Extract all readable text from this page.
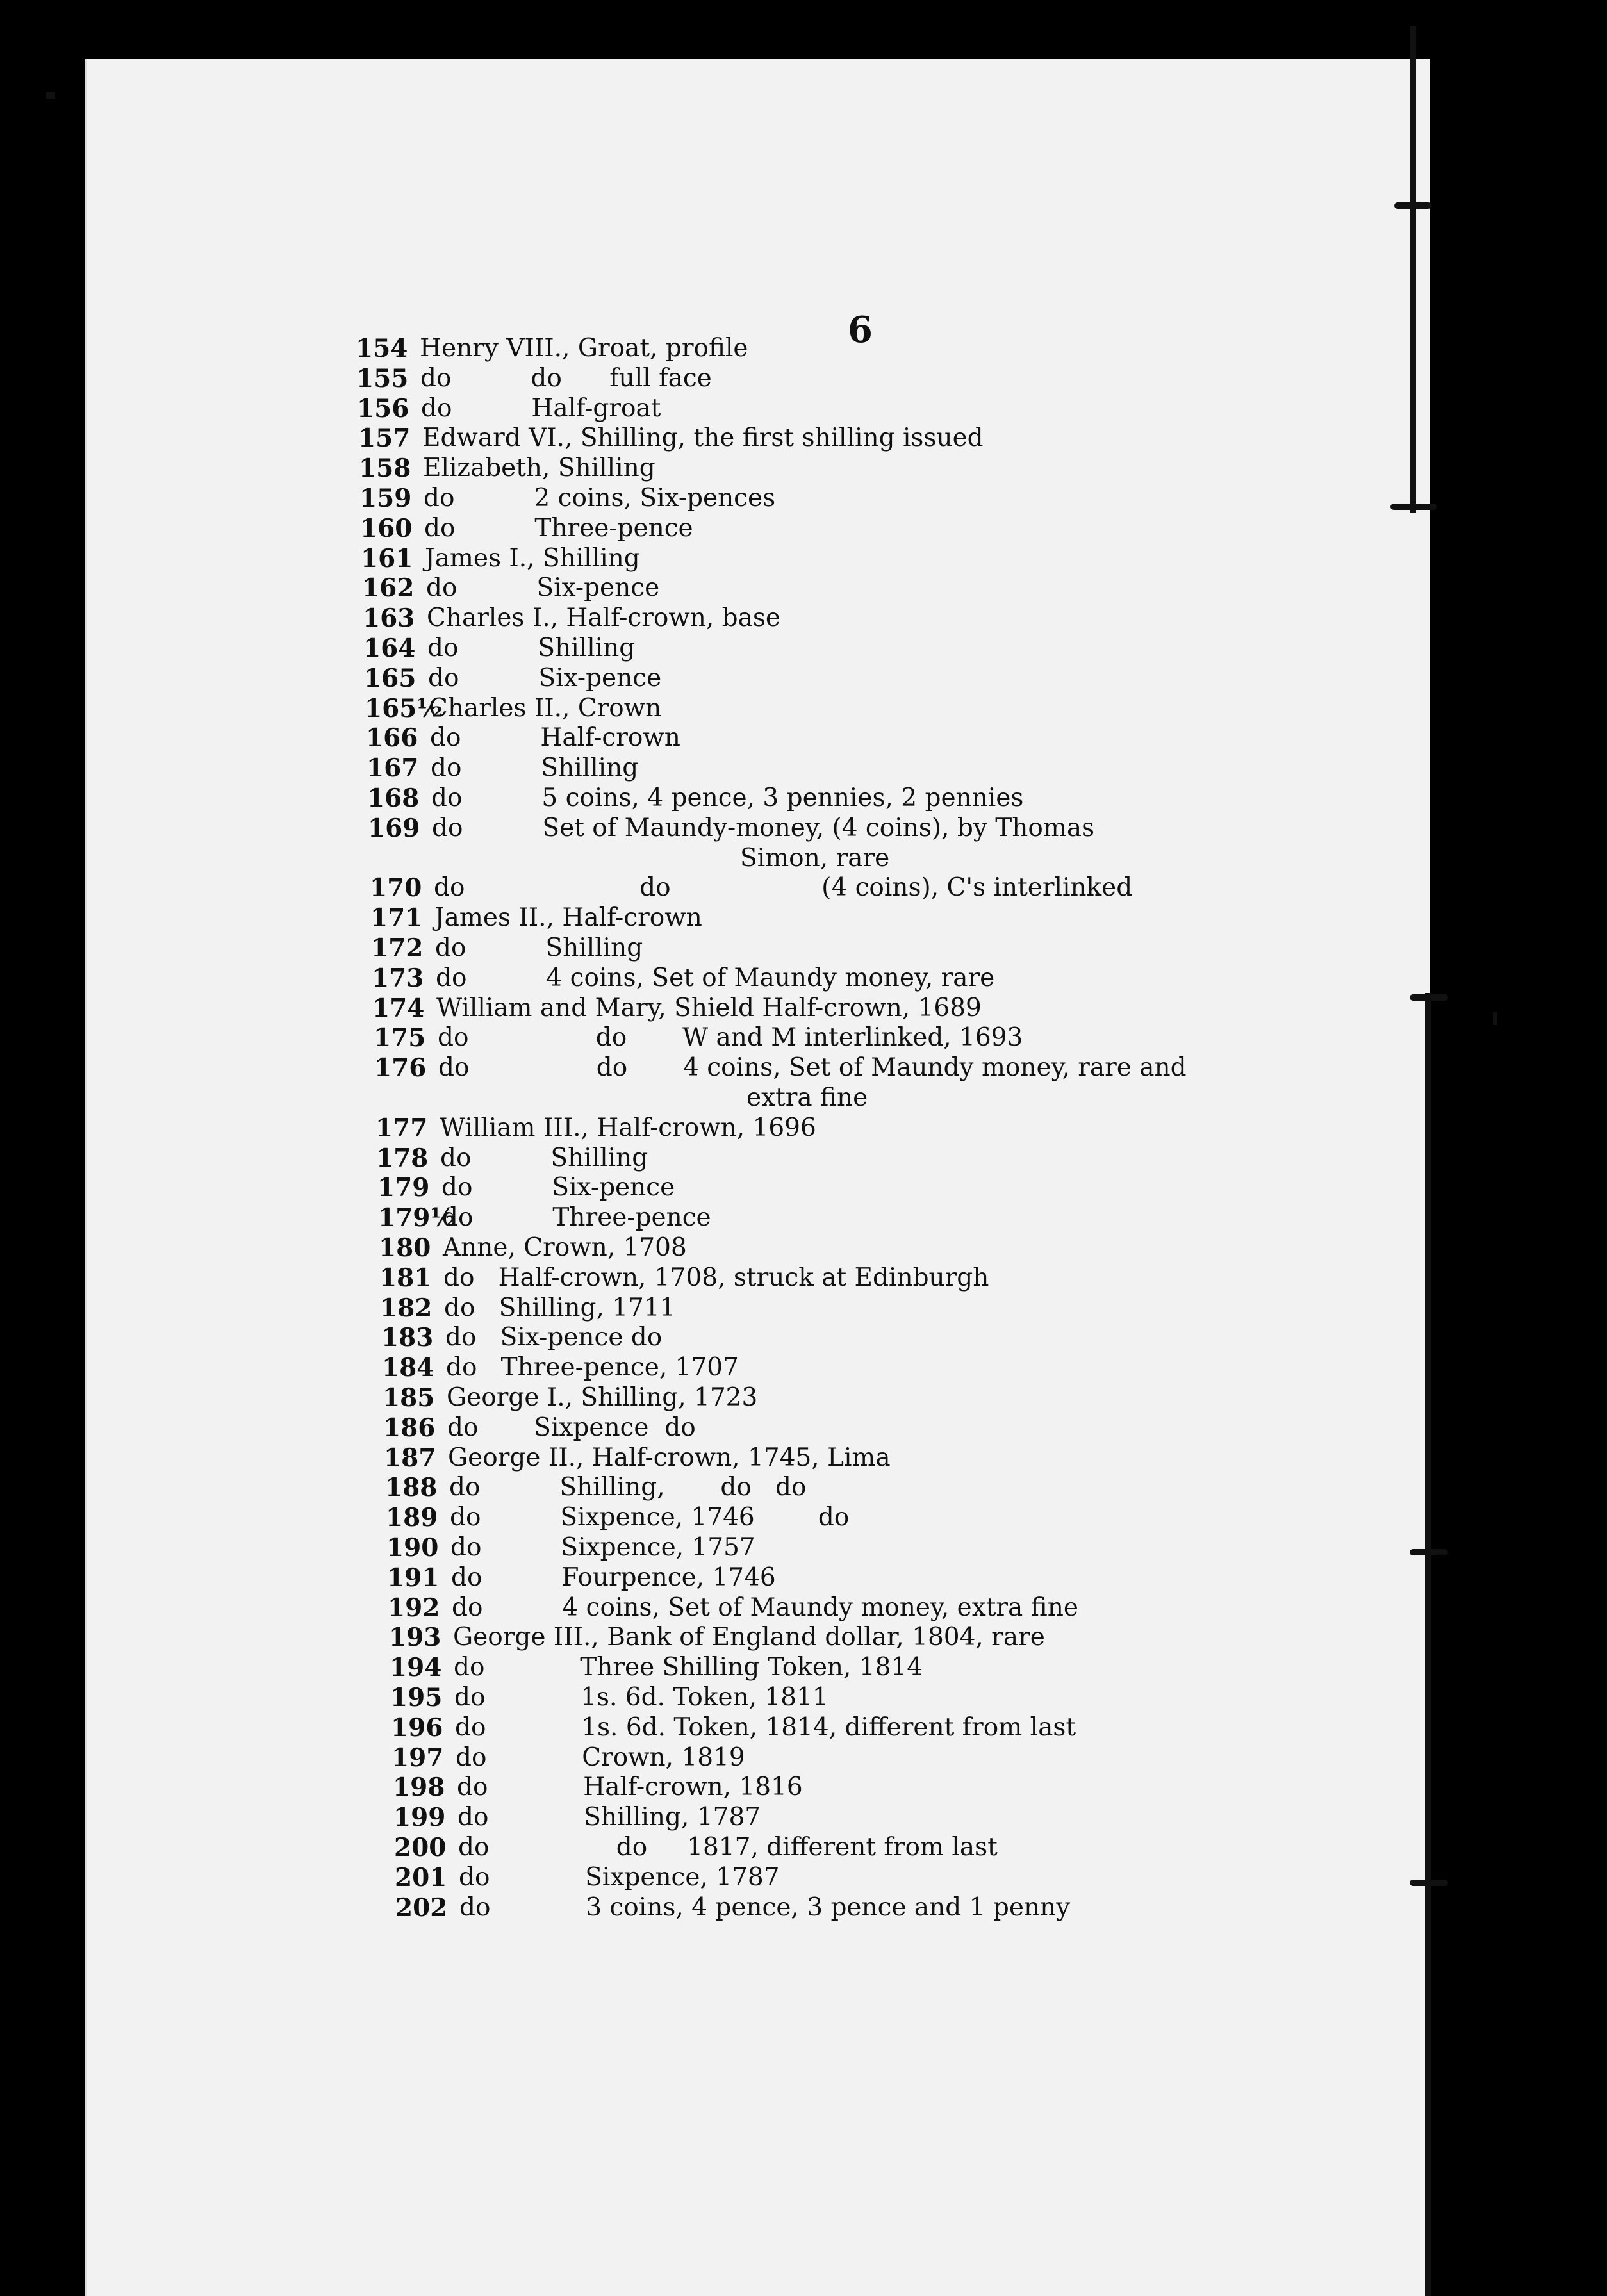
6
154 Henry VIII., Groat, profile
155 do          do      full face
156 do          Half-groat
157 Edward VI., Shilling, the first shilling issued
158 Elizabeth, Shilling
159 do          2 coins, Six-pences
160 do          Three-pence
161 James I., Shilling
162 do          Six-pence
163 Charles I., Half-crown, base
164 do          Shilling
165 do          Six-pence
165½
Charles II., Crown
166 do          Half-crown
167 do          Shilling
168 do          5 coins, 4 pence, 3 pennies, 2 pennies
169 do          Set of Maundy-money, (4 coins), by Thomas
Simon, rare
170 do                      do                   (4 coins), C's interlinked
171 James II., Half-crown
172 do          Shilling
173 do          4 coins, Set of Maundy money, rare
174 William and Mary, Shield Half-crown, 1689
175 do                do       W and M interlinked, 1693
176 do                do       4 coins, Set of Maundy money, rare and
extra fine
177 William III., Half-crown, 1696
178 do          Shilling
179 do          Six-pence
179½
do          Three-pence
180 Anne, Crown, 1708
181 do   Half-crown, 1708, struck at Edinburgh
182 do   Shilling, 1711
183 do   Six-pence do
184 do   Three-pence, 1707
185 George I., Shilling, 1723
186 do       Sixpence  do
187 George II., Half-crown, 1745, Lima
188 do          Shilling,       do   do
189 do          Sixpence, 1746        do
190 do          Sixpence, 1757
191 do          Fourpence, 1746
192 do          4 coins, Set of Maundy money, extra fine
193 George III., Bank of England dollar, 1804, rare
194 do            Three Shilling Token, 1814
195 do            1s. 6d. Token, 1811
196 do            1s. 6d. Token, 1814, different from last
197 do            Crown, 1819
198 do            Half-crown, 1816
199 do            Shilling, 1787
200 do                do     1817, different from last
201 do            Sixpence, 1787
202 do            3 coins, 4 pence, 3 pence and 1 penny
